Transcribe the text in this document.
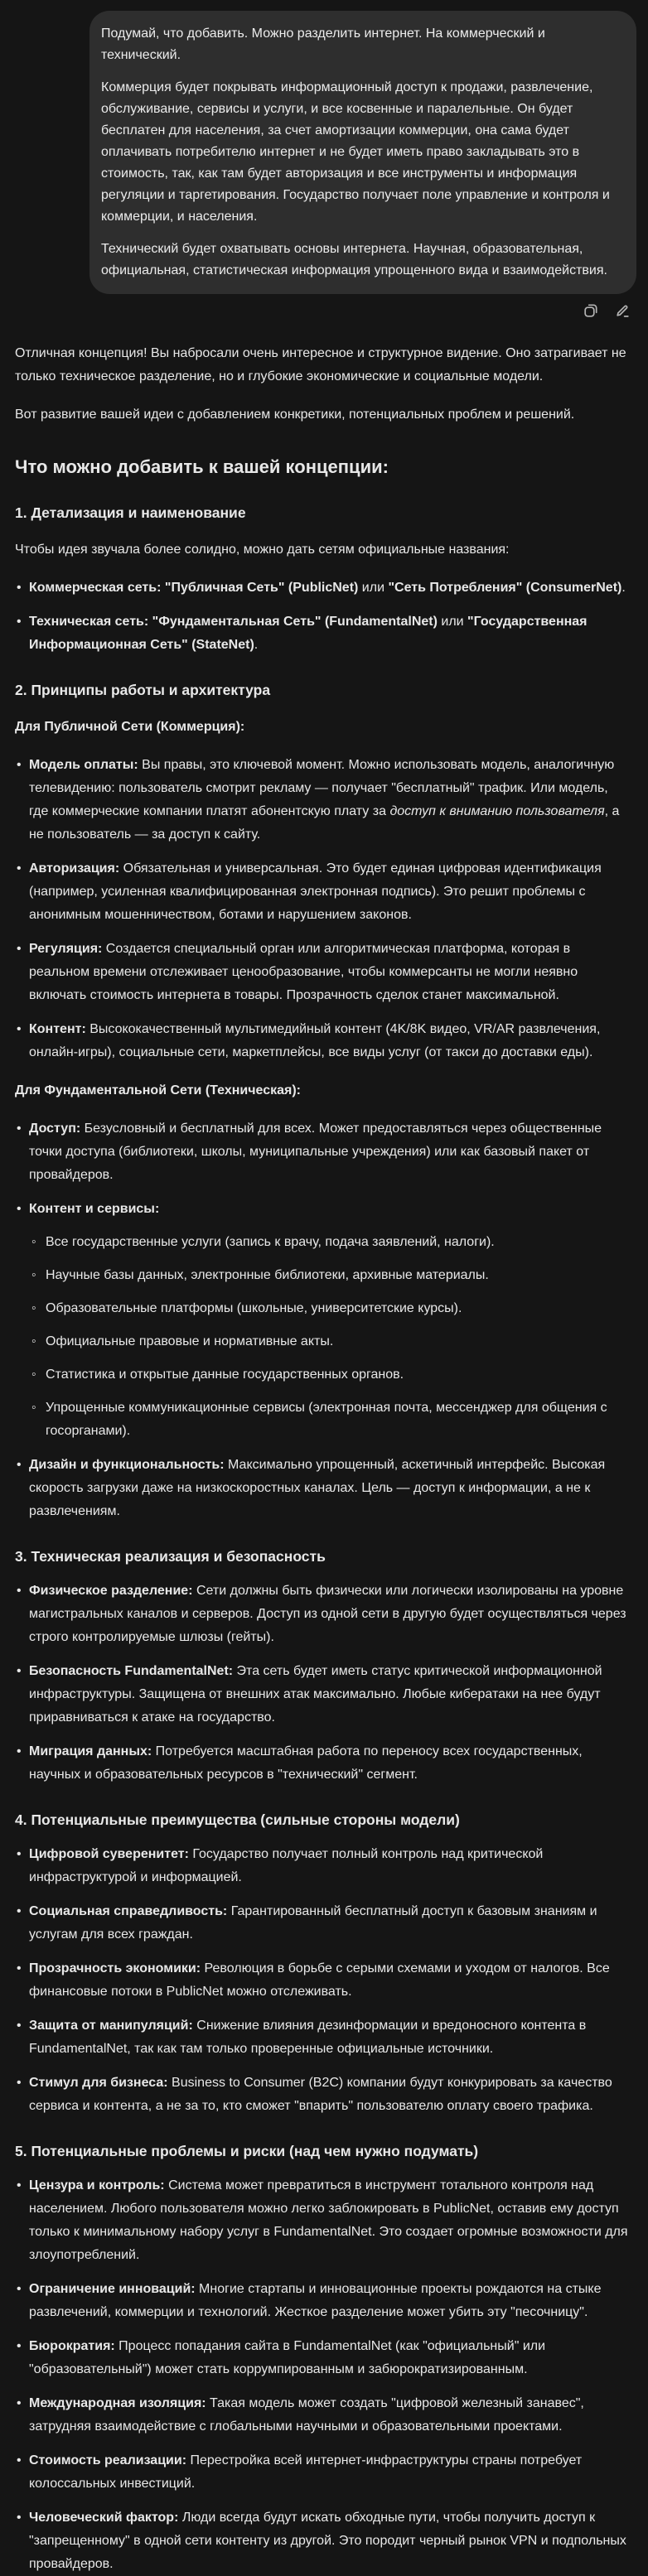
Подумай, что добавить. Можно разделить интернет. На коммерческий и технический.

Коммерция будет покрывать информационный доступ к продажи, развлечение, обслуживание, сервисы и услуги, и все косвенные и паралельные. Он будет бесплатен для населения, за счет амортизации коммерции, она сама будет оплачивать потребителю интернет и не будет иметь право закладывать это в стоимость, так, как там будет авторизация и все инструменты и информация регуляции и таргетирования. Государство получает поле управление и контроля и коммерции, и населения.

Технический будет охватывать основы интернета. Научная, образовательная, официальная, статистическая информация упрощенного вида и взаимодействия.

Отличная концепция! Вы набросали очень интересное и структурное видение. Оно затрагивает не только техническое разделение, но и глубокие экономические и социальные модели.

Вот развитие вашей идеи с добавлением конкретики, потенциальных проблем и решений.

Что можно добавить к вашей концепции:
1. Детализация и наименование

Чтобы идея звучала более солидно, можно дать сетям официальные названия:

• Коммерческая сеть: "Публичная Сеть" (PublicNet) или "Сеть Потребления" (ConsumerNet).
• Техническая сеть: "Фундаментальная Сеть" (FundamentalNet) или "Государственная Информационная Сеть" (StateNet).
2. Принципы работы и архитектура

Для Публичной Сети (Коммерция):

• Модель оплаты: Вы правы, это ключевой момент. Можно использовать модель, аналогичную телевидению: пользователь смотрит рекламу — получает "бесплатный" трафик. Или модель, где коммерческие компании платят абонентскую плату за доступ к вниманию пользователя, а не пользователь — за доступ к сайту.
• Авторизация: Обязательная и универсальная. Это будет единая цифровая идентификация (например, усиленная квалифицированная электронная подпись). Это решит проблемы с анонимным мошенничеством, ботами и нарушением законов.
• Регуляция: Создается специальный орган или алгоритмическая платформа, которая в реальном времени отслеживает ценообразование, чтобы коммерсанты не могли неявно включать стоимость интернета в товары. Прозрачность сделок станет максимальной.
• Контент: Высококачественный мультимедийный контент (4K/8K видео, VR/AR развлечения, онлайн-игры), социальные сети, маркетплейсы, все виды услуг (от такси до доставки еды).

Для Фундаментальной Сети (Техническая):

• Доступ: Безусловный и бесплатный для всех. Может предоставляться через общественные точки доступа (библиотеки, школы, муниципальные учреждения) или как базовый пакет от провайдеров.
• Контент и сервисы:
◦ Все государственные услуги (запись к врачу, подача заявлений, налоги).
◦ Научные базы данных, электронные библиотеки, архивные материалы.
◦ Образовательные платформы (школьные, университетские курсы).
◦ Официальные правовые и нормативные акты.
◦ Статистика и открытые данные государственных органов.
◦ Упрощенные коммуникационные сервисы (электронная почта, мессенджер для общения с госорганами).
• Дизайн и функциональность: Максимально упрощенный, аскетичный интерфейс. Высокая скорость загрузки даже на низкоскоростных каналах. Цель — доступ к информации, а не к развлечениям.
3. Техническая реализация и безопасность
• Физическое разделение: Сети должны быть физически или логически изолированы на уровне магистральных каналов и серверов. Доступ из одной сети в другую будет осуществляться через строго контролируемые шлюзы (гейты).
• Безопасность FundamentalNet: Эта сеть будет иметь статус критической информационной инфраструктуры. Защищена от внешних атак максимально. Любые кибератаки на нее будут приравниваться к атаке на государство.
• Миграция данных: Потребуется масштабная работа по переносу всех государственных, научных и образовательных ресурсов в "технический" сегмент.
4. Потенциальные преимущества (сильные стороны модели)
• Цифровой суверенитет: Государство получает полный контроль над критической инфраструктурой и информацией.
• Социальная справедливость: Гарантированный бесплатный доступ к базовым знаниям и услугам для всех граждан.
• Прозрачность экономики: Революция в борьбе с серыми схемами и уходом от налогов. Все финансовые потоки в PublicNet можно отслеживать.
• Защита от манипуляций: Снижение влияния дезинформации и вредоносного контента в FundamentalNet, так как там только проверенные официальные источники.
• Стимул для бизнеса: Business to Consumer (B2C) компании будут конкурировать за качество сервиса и контента, а не за то, кто сможет "впарить" пользователю оплату своего трафика.
5. Потенциальные проблемы и риски (над чем нужно подумать)
• Цензура и контроль: Система может превратиться в инструмент тотального контроля над населением. Любого пользователя можно легко заблокировать в PublicNet, оставив ему доступ только к минимальному набору услуг в FundamentalNet. Это создает огромные возможности для злоупотреблений.
• Ограничение инноваций: Многие стартапы и инновационные проекты рождаются на стыке развлечений, коммерции и технологий. Жесткое разделение может убить эту "песочницу".
• Бюрократия: Процесс попадания сайта в FundamentalNet (как "официальный" или "образовательный") может стать коррумпированным и забюрократизированным.
• Международная изоляция: Такая модель может создать "цифровой железный занавес", затрудняя взаимодействие с глобальными научными и образовательными проектами.
• Стоимость реализации: Перестройка всей интернет-инфраструктуры страны потребует колоссальных инвестиций.
• Человеческий фактор: Люди всегда будут искать обходные пути, чтобы получить доступ к "запрещенному" в одной сети контенту из другой. Это породит черный рынок VPN и подпольных провайдеров.
